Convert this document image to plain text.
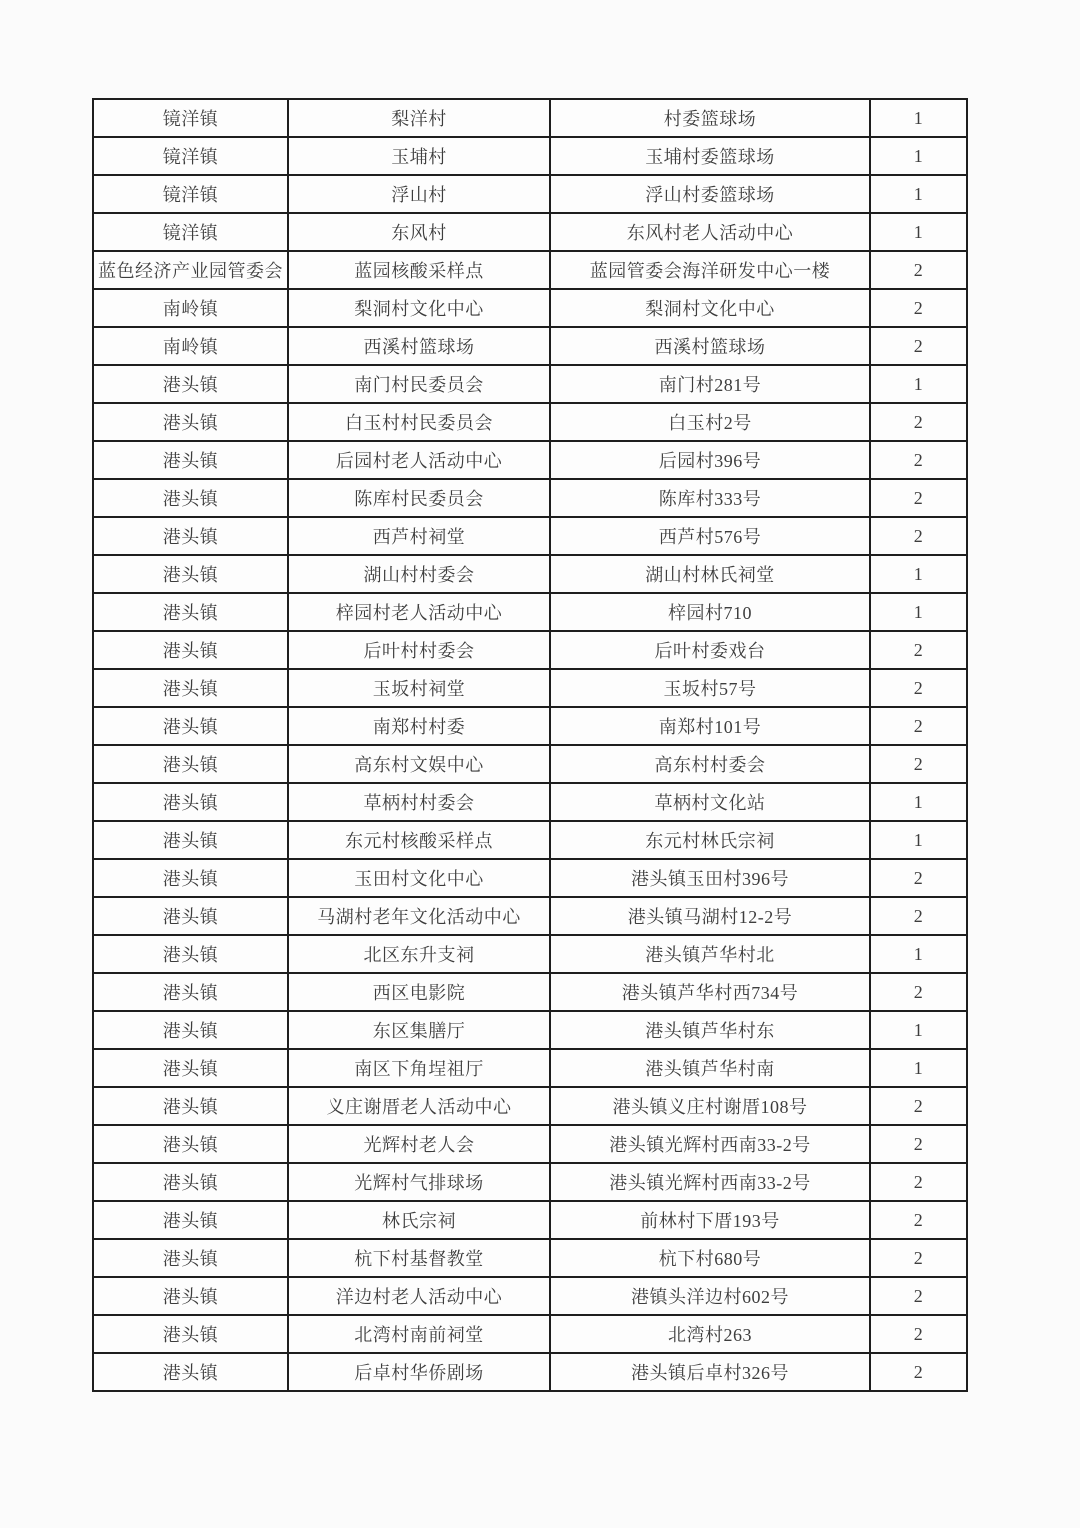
镜洋镇	梨洋村	村委篮球场	1
镜洋镇	玉埔村	玉埔村委篮球场	1
镜洋镇	浮山村	浮山村委篮球场	1
镜洋镇	东风村	东风村老人活动中心	1
蓝色经济产业园管委会	蓝园核酸采样点	蓝园管委会海洋研发中心一楼	2
南岭镇	梨洞村文化中心	梨洞村文化中心	2
南岭镇	西溪村篮球场	西溪村篮球场	2
港头镇	南门村民委员会	南门村281号	1
港头镇	白玉村村民委员会	白玉村2号	2
港头镇	后园村老人活动中心	后园村396号	2
港头镇	陈库村民委员会	陈库村333号	2
港头镇	西芦村祠堂	西芦村576号	2
港头镇	湖山村村委会	湖山村林氏祠堂	1
港头镇	梓园村老人活动中心	梓园村710	1
港头镇	后叶村村委会	后叶村委戏台	2
港头镇	玉坂村祠堂	玉坂村57号	2
港头镇	南郑村村委	南郑村101号	2
港头镇	高东村文娱中心	高东村村委会	2
港头镇	草柄村村委会	草柄村文化站	1
港头镇	东元村核酸采样点	东元村林氏宗祠	1
港头镇	玉田村文化中心	港头镇玉田村396号	2
港头镇	马湖村老年文化活动中心	港头镇马湖村12-2号	2
港头镇	北区东升支祠	港头镇芦华村北	1
港头镇	西区电影院	港头镇芦华村西734号	2
港头镇	东区集膳厅	港头镇芦华村东	1
港头镇	南区下角埕祖厅	港头镇芦华村南	1
港头镇	义庄谢厝老人活动中心	港头镇义庄村谢厝108号	2
港头镇	光辉村老人会	港头镇光辉村西南33-2号	2
港头镇	光辉村气排球场	港头镇光辉村西南33-2号	2
港头镇	林氏宗祠	前林村下厝193号	2
港头镇	杭下村基督教堂	杭下村680号	2
港头镇	洋边村老人活动中心	港镇头洋边村602号	2
港头镇	北湾村南前祠堂	北湾村263	2
港头镇	后卓村华侨剧场	港头镇后卓村326号	2
